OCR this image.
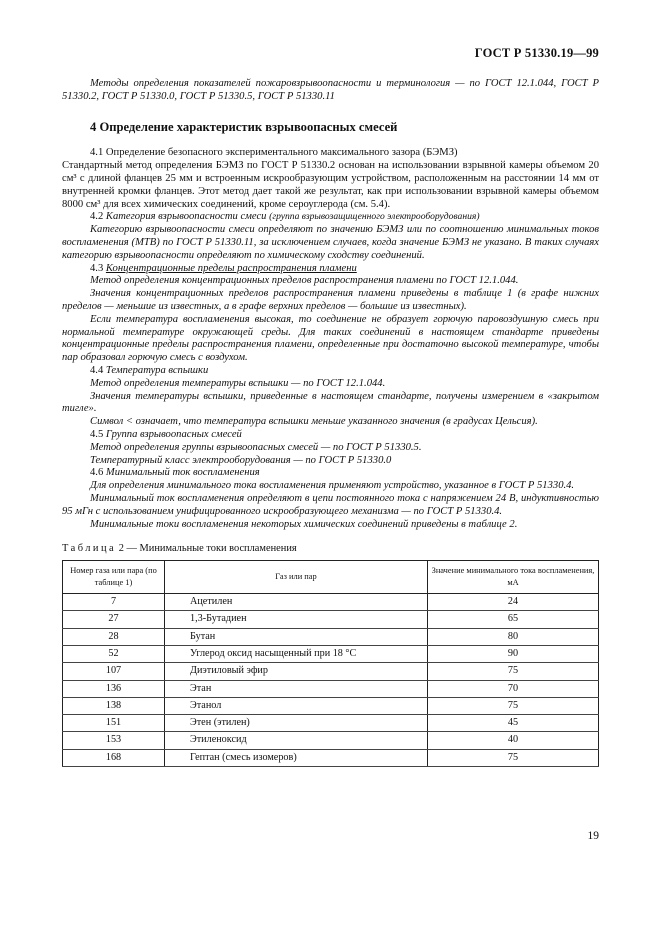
ГОСТ Р 51330.19—99

Методы определения показателей пожаровзрывоопасности и терминология — по ГОСТ 12.1.044, ГОСТ Р 51330.2, ГОСТ Р 51330.0, ГОСТ Р 51330.5, ГОСТ Р 51330.11

4 Определение характеристик взрывоопасных смесей

4.1 Определение безопасного экспериментального максимального зазора (БЭМЗ)

Стандартный метод определения БЭМЗ по ГОСТ Р 51330.2 основан на использовании взрывной камеры объемом 20 см³ с длиной фланцев 25 мм и встроенным искрообразующим устройством, расположенным на расстоянии 14 мм от внутренней кромки фланцев. Этот метод дает такой же результат, как при использовании взрывной камеры объемом 8000 см³ для всех химических соединений, кроме сероуглерода (см. 5.4).

4.2 Категория взрывоопасности смеси (группа взрывозащищенного электрооборудования)

Категорию взрывоопасности смеси определяют по значению БЭМЗ или по соотношению минимальных токов воспламенения (МТВ) по ГОСТ Р 51330.11, за исключением случаев, когда значение БЭМЗ не указано. В таких случаях категорию взрывоопасности определяют по химическому сходству соединений.

4.3 Концентрационные пределы распространения пламени

Метод определения концентрационных пределов распространения пламени по ГОСТ 12.1.044.

Значения концентрационных пределов распространения пламени приведены в таблице 1 (в графе нижних пределов — меньшие из известных, а в графе верхних пределов — большие из известных).

Если температура воспламенения высокая, то соединение не образует горючую паровоздушную смесь при нормальной температуре окружающей среды. Для таких соединений в настоящем стандарте приведены концентрационные пределы распространения пламени, определенные при достаточно высокой температуре, чтобы пар образовал горючую смесь с воздухом.

4.4 Температура вспышки

Метод определения температуры вспышки — по ГОСТ 12.1.044.

Значения температуры вспышки, приведенные в настоящем стандарте, получены измерением в «закрытом тигле».

Символ < означает, что температура вспышки меньше указанного значения (в градусах Цельсия).

4.5 Группа взрывоопасных смесей

Метод определения группы взрывоопасных смесей — по ГОСТ Р 51330.5.

Температурный класс электрооборудования — по ГОСТ Р 51330.0

4.6 Минимальный ток воспламенения

Для определения минимального тока воспламенения применяют устройство, указанное в ГОСТ Р 51330.4.

Минимальный ток воспламенения определяют в цепи постоянного тока с напряжением 24 В, индуктивностью 95 мГн с использованием унифицированного искрообразующего механизма — по ГОСТ Р 51330.4.

Минимальные токи воспламенения некоторых химических соединений приведены в таблице 2.

Таблица 2 — Минимальные токи воспламенения
Номер газа или пара (по таблице 1)	Газ или пар	Значение минимального тока воспламенения, мА
7	Ацетилен	24
27	1,3-Бутадиен	65
28	Бутан	80
52	Углерод оксид насыщенный при 18 °С	90
107	Диэтиловый эфир	75
136	Этан	70
138	Этанол	75
151	Этен (этилен)	45
153	Этиленоксид	40
168	Гептан (смесь изомеров)	75
19
